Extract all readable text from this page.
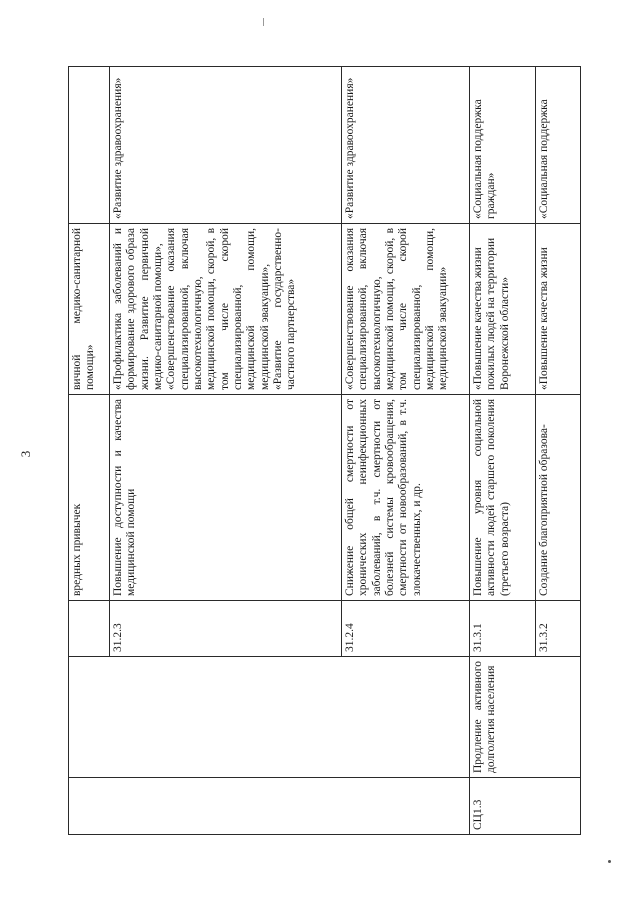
3
			вредных привычек	вичной медико-санитарной помощи»	

		31.2.3	Повышение доступности и качества медицинской помощи	«Профилактика заболеваний и формирование здорового образа жизни. Развитие первичной медико-санитарной помощи», «Совершенствование оказания специализированной, включая высокотехнологичную, медицинской помощи, скорой, в том числе скорой специализированной, медицинской помощи, медицинской эвакуации», «Развитие государственно-частного партнерства»	«Развитие здравоохранения»
		31.2.4	Снижение общей смертности от хронических неинфекционных заболеваний, в т.ч. смертности от болезней системы кровообращения, смертности от новообразований, в т.ч. злокачественных, и др.	«Совершенствование оказания специализированной, включая высокотехнологичную, медицинской помощи, скорой, в том числе скорой специализированной, медицинской помощи, медицинской эвакуации»	«Развитие здравоохранения»
СЦ1.3	Продление активного долголетия населения	31.3.1	Повышение уровня социальной активности людей старшего поколения (третьего возраста)	«Повышение качества жизни пожилых людей на территории Воронежской области»	«Социальная поддержка граждан»
		31.3.2	Создание благоприятной образова-	«Повышение качества жизни	«Социальная поддержка
